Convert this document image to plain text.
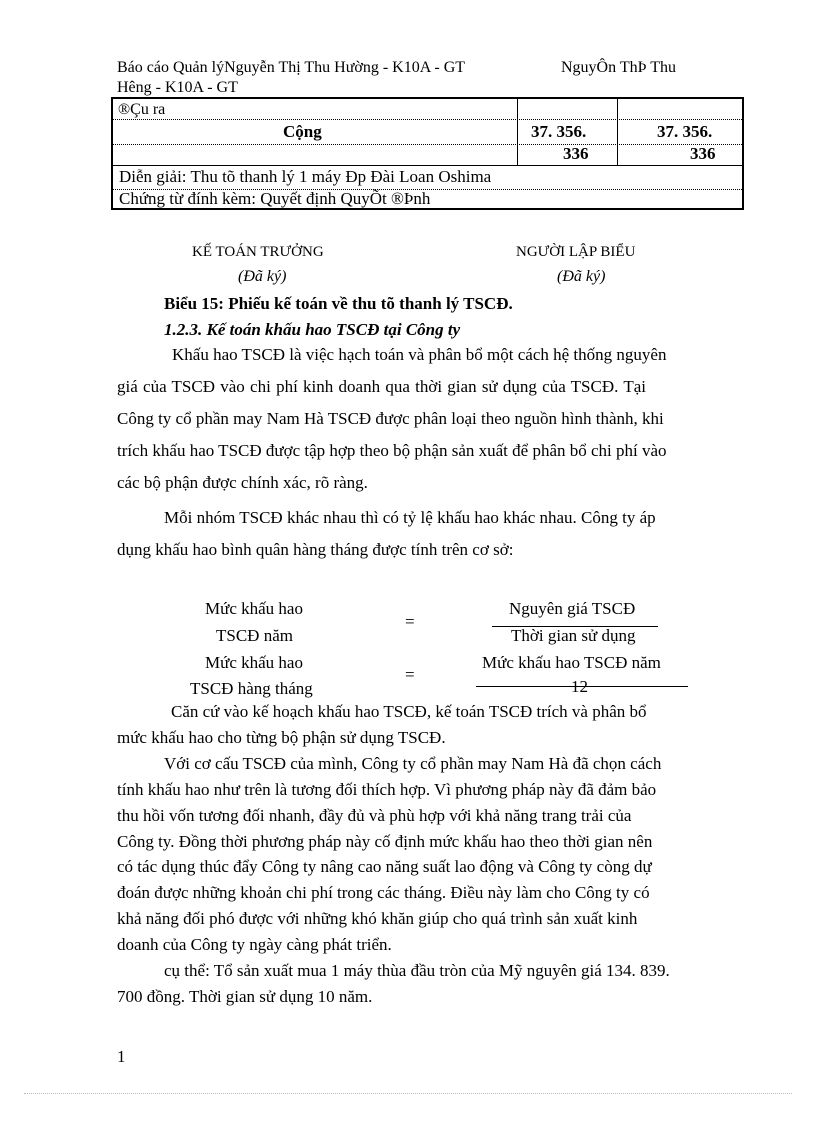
Báo cáo Quản lýNguyễn Thị Thu Hường - K10A - GT	NguyÔn ThÞ Thu
Hêng - K10A - GT
®Çu ra
Cộng	37. 356.
336
37. 356.
336
Diễn giải: Thu tõ thanh lý 1 máy Ðp Đài Loan Oshima
Chứng từ đính kèm: Quyết định QuyÕt ®Þnh
KẾ TOÁN TRƯỞNG
(Đã ký)
NGƯỜI LẬP BIỂU
(Đã ký)
Biểu 15: Phiếu kế toán về thu tõ thanh lý TSCĐ.
1.2.3. Kế toán khấu hao TSCĐ tại Công ty
Khấu hao TSCĐ là việc hạch toán và phân bổ một cách hệ thống nguyên
giá của TSCĐ vào chi phí kinh doanh qua thời gian sử dụng của TSCĐ. Tại
Công ty cổ phần may Nam Hà TSCĐ được phân loại theo nguồn hình thành, khi
trích khấu hao TSCĐ được tập hợp theo bộ phận sản xuất để phân bổ chi phí vào
các bộ phận được chính xác, rõ ràng.
Mỗi nhóm TSCĐ khác nhau thì có tỷ lệ khấu hao khác nhau. Công ty áp
dụng khấu hao bình quân hàng tháng được tính trên cơ sở:
Mức khấu hao
TSCĐ năm
=
Nguyên giá TSCĐ
Thời gian sử dụng
Mức khấu hao
TSCĐ hàng tháng
=
Mức khấu hao TSCĐ năm
12
Căn cứ vào kế hoạch khấu hao TSCĐ, kế toán TSCĐ trích và phân bổ
mức khấu hao cho từng bộ phận sử dụng TSCĐ.
Với cơ cấu TSCĐ của mình, Công ty cổ phần may Nam Hà đã chọn cách
tính khấu hao như trên là tương đối thích hợp. Vì phương pháp này đã đảm bảo
thu hồi vốn tương đối nhanh, đầy đủ và phù hợp với khả năng trang trải của
Công ty. Đồng thời phương pháp này cố định mức khấu hao theo thời gian nên
có tác dụng thúc đẩy Công ty nâng cao năng suất lao động và Công ty còng dự
đoán được những khoản chi phí trong các tháng. Điều này làm cho Công ty có
khả năng đối phó được với những khó khăn giúp cho quá trình sản xuất kinh
doanh của Công ty ngày càng phát triển.
cụ thể: Tổ sản xuất mua 1 máy thùa đầu tròn của Mỹ nguyên giá 134. 839.
700 đồng. Thời gian sử dụng 10 năm.
1
